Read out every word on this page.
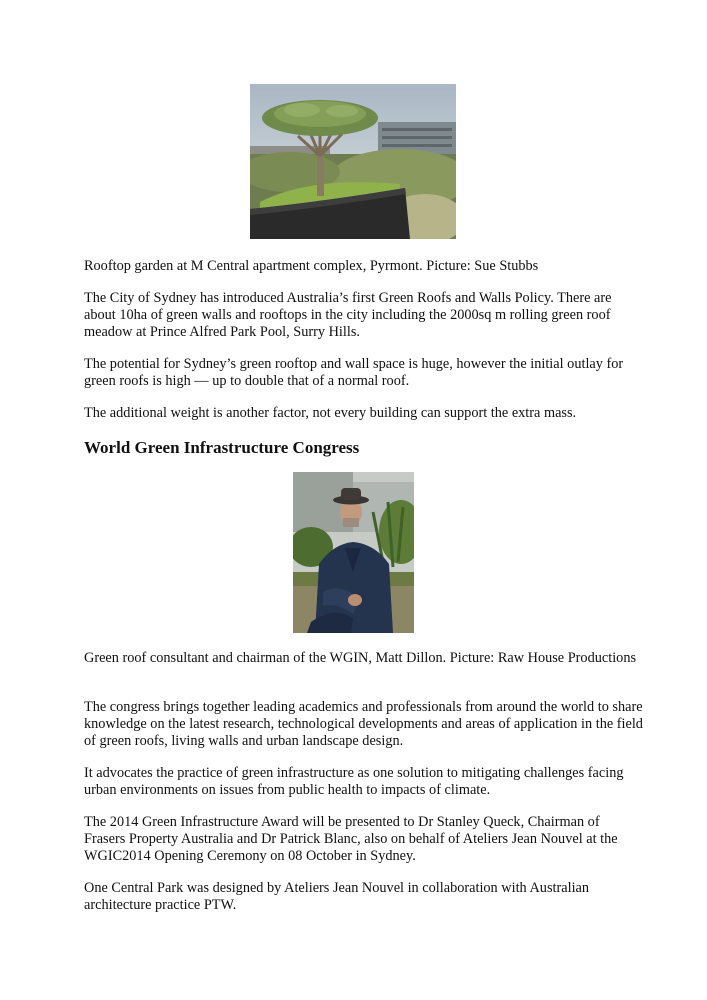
Rooftop garden at M Central apartment complex, Pyrmont. Picture: Sue Stubbs

The City of Sydney has introduced Australia’s first Green Roofs and Walls Policy. There are about 10ha of green walls and rooftops in the city including the 2000sq m rolling green roof meadow at Prince Alfred Park Pool, Surry Hills.

The potential for Sydney’s green rooftop and wall space is huge, however the initial outlay for green roofs is high — up to double that of a normal roof.

The additional weight is another factor, not every building can support the extra mass.

World Green Infrastructure Congress

Green roof consultant and chairman of the WGIN, Matt Dillon. Picture: Raw House Productions

The congress brings together leading academics and professionals from around the world to share knowledge on the latest research, technological developments and areas of application in the field of green roofs, living walls and urban landscape design.

It advocates the practice of green infrastructure as one solution to mitigating challenges facing urban environments on issues from public health to impacts of climate.

The 2014 Green Infrastructure Award will be presented to Dr Stanley Queck, Chairman of Frasers Property Australia and Dr Patrick Blanc, also on behalf of Ateliers Jean Nouvel at the WGIC2014 Opening Ceremony on 08 October in Sydney.

One Central Park was designed by Ateliers Jean Nouvel in collaboration with Australian architecture practice PTW.
